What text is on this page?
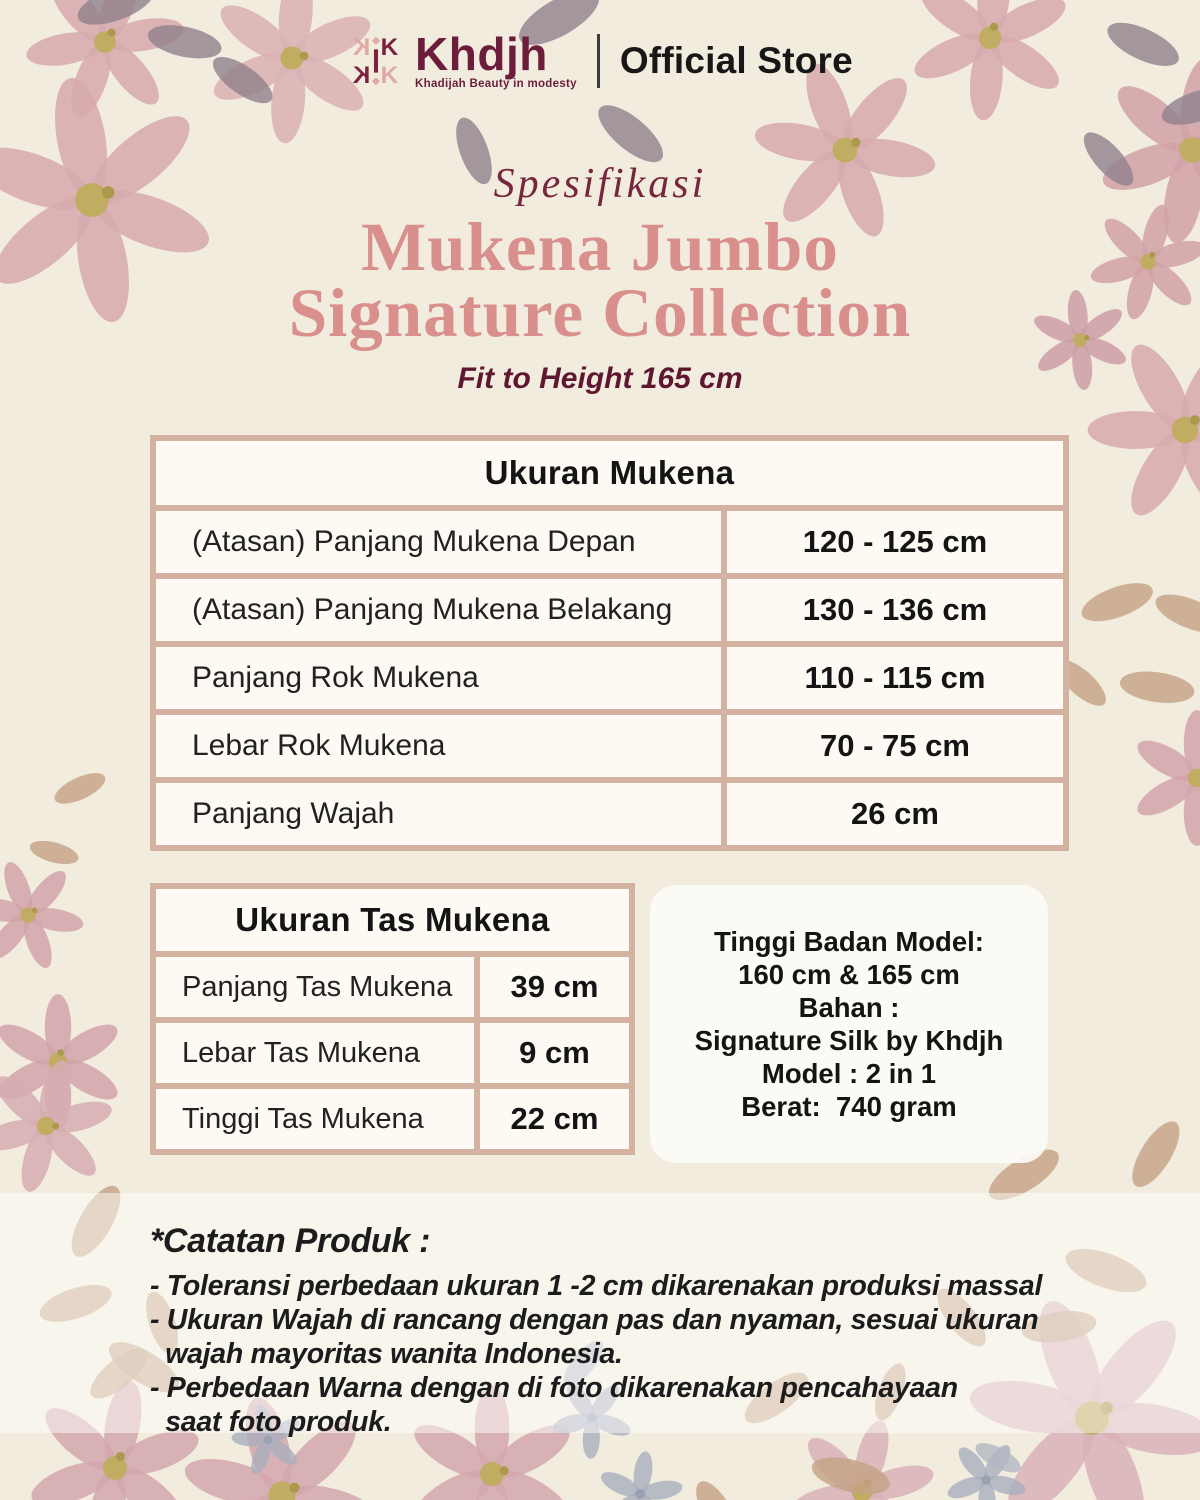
K K
K K Khdjh
Khadijah Beauty in modesty
Official Store
Spesifikasi
Mukena Jumbo
Signature Collection
Fit to Height 165 cm
Ukuran Mukena
(Atasan) Panjang Mukena Depan	120 - 125 cm
(Atasan) Panjang Mukena Belakang	130 - 136 cm
Panjang Rok Mukena	110 - 115 cm
Lebar Rok Mukena	70 - 75 cm
Panjang Wajah	26 cm
Ukuran Tas Mukena
Panjang Tas Mukena	39 cm
Lebar Tas Mukena	9 cm
Tinggi Tas Mukena	22 cm
Tinggi Badan Model:
160 cm & 165 cm
Bahan :
Signature Silk by Khdjh
Model : 2 in 1
Berat:  740 gram
*Catatan Produk :
- Toleransi perbedaan ukuran 1 -2 cm dikarenakan produksi massal
- Ukuran Wajah di rancang dengan pas dan nyaman, sesuai ukuran
wajah mayoritas wanita Indonesia.
- Perbedaan Warna dengan di foto dikarenakan pencahayaan
saat foto produk.
